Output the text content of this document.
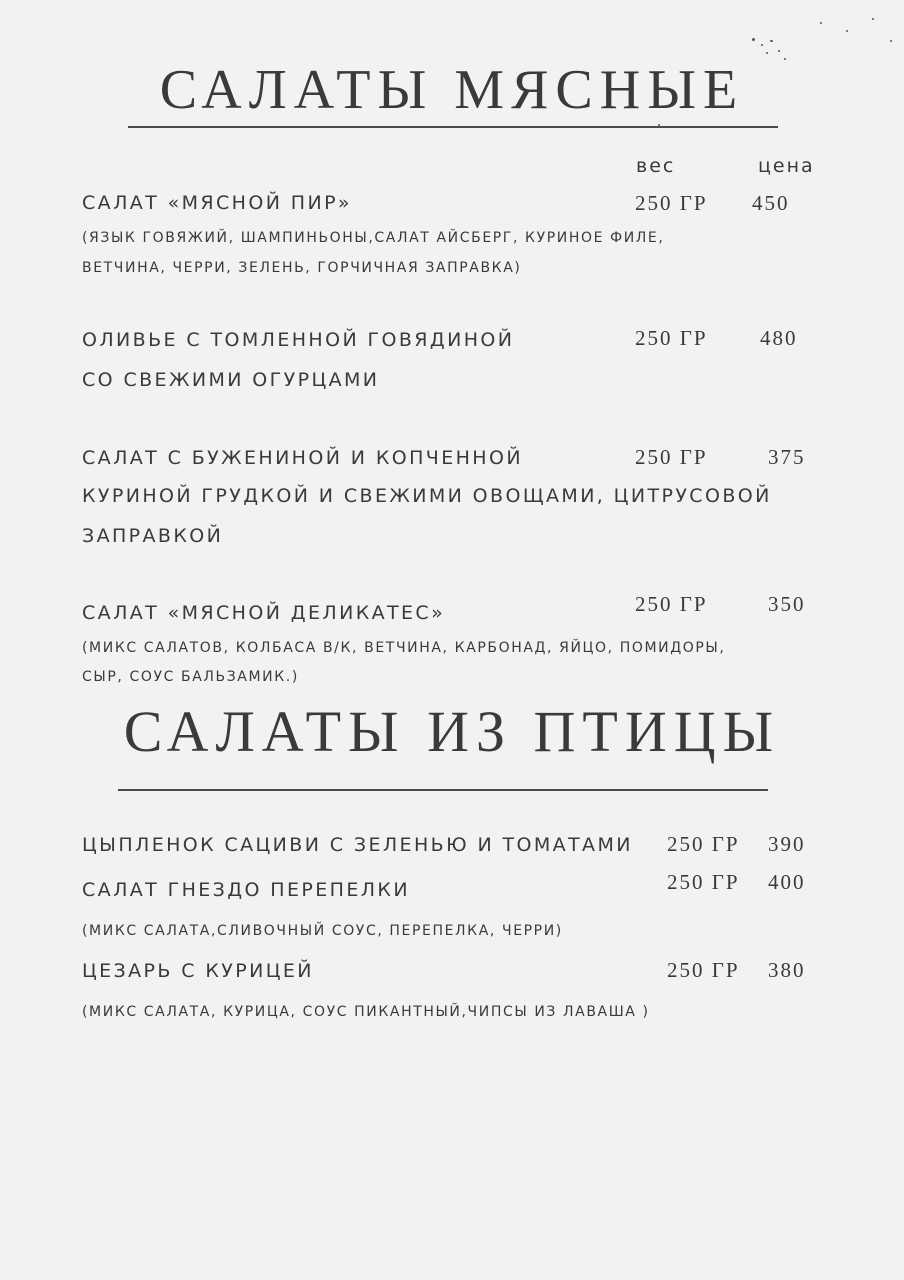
САЛАТЫ МЯСНЫЕ
вес	цена
САЛАТ «МЯСНОЙ ПИР»	250 ГР 450
(ЯЗЫК ГОВЯЖИЙ, ШАМПИНЬОНЫ,САЛАТ АЙСБЕРГ, КУРИНОЕ ФИЛЕ,
ВЕТЧИНА, ЧЕРРИ, ЗЕЛЕНЬ, ГОРЧИЧНАЯ ЗАПРАВКА)
ОЛИВЬЕ С ТОМЛЕННОЙ ГОВЯДИНОЙ
СО СВЕЖИМИ ОГУРЦАМИ
250 ГР 480
САЛАТ С БУЖЕНИНОЙ И КОПЧЕННОЙ
КУРИНОЙ ГРУДКОЙ И СВЕЖИМИ ОВОЩАМИ, ЦИТРУСОВОЙ
ЗАПРАВКОЙ
250 ГР	375
САЛАТ «МЯСНОЙ ДЕЛИКАТЕС»	250 ГР	350
(МИКС САЛАТОВ, КОЛБАСА В/К, ВЕТЧИНА, КАРБОНАД, ЯЙЦО, ПОМИДОРЫ,
СЫР, СОУС БАЛЬЗАМИК.)
САЛАТЫ ИЗ ПТИЦЫ
ЦЫПЛЕНОК САЦИВИ С ЗЕЛЕНЬЮ И ТОМАТАМИ 250 ГР 390
САЛАТ ГНЕЗДО ПЕРЕПЕЛКИ	250 ГР 400
(МИКС САЛАТА,СЛИВОЧНЫЙ СОУС, ПЕРЕПЕЛКА, ЧЕРРИ)
ЦЕЗАРЬ С КУРИЦЕЙ	250 ГР 380
(МИКС САЛАТА, КУРИЦА, СОУС ПИКАНТНЫЙ,ЧИПСЫ ИЗ ЛАВАША )
